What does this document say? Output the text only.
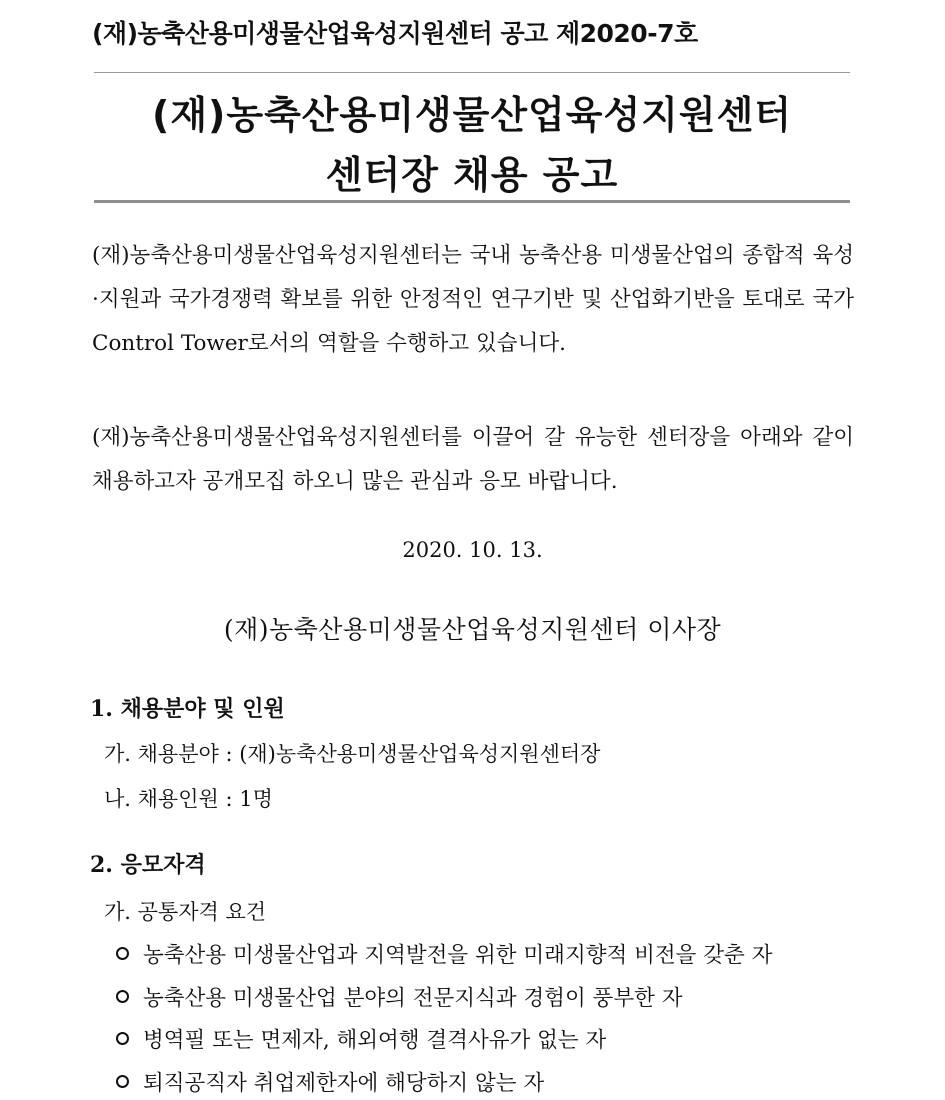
(재)농축산용미생물산업육성지원센터 공고 제2020-7호
(재)농축산용미생물산업육성지원센터
센터장 채용 공고

(재)농축산용미생물산업육성지원센터는 국내 농축산용 미생물산업의 종합적 육성·지원과 국가경쟁력 확보를 위한 안정적인 연구기반 및 산업화기반을 토대로 국가 Control Tower로서의 역할을 수행하고 있습니다.

(재)농축산용미생물산업육성지원센터를 이끌어 갈 유능한 센터장을 아래와 같이 채용하고자 공개모집 하오니 많은 관심과 응모 바랍니다.

2020. 10. 13.
(재)농축산용미생물산업육성지원센터 이사장
1. 채용분야 및 인원
가. 채용분야 : (재)농축산용미생물산업육성지원센터장
나. 채용인원 : 1명
2. 응모자격
가. 공통자격 요건
농축산용 미생물산업과 지역발전을 위한 미래지향적 비전을 갖춘 자
농축산용 미생물산업 분야의 전문지식과 경험이 풍부한 자
병역필 또는 면제자, 해외여행 결격사유가 없는 자
퇴직공직자 취업제한자에 해당하지 않는 자
